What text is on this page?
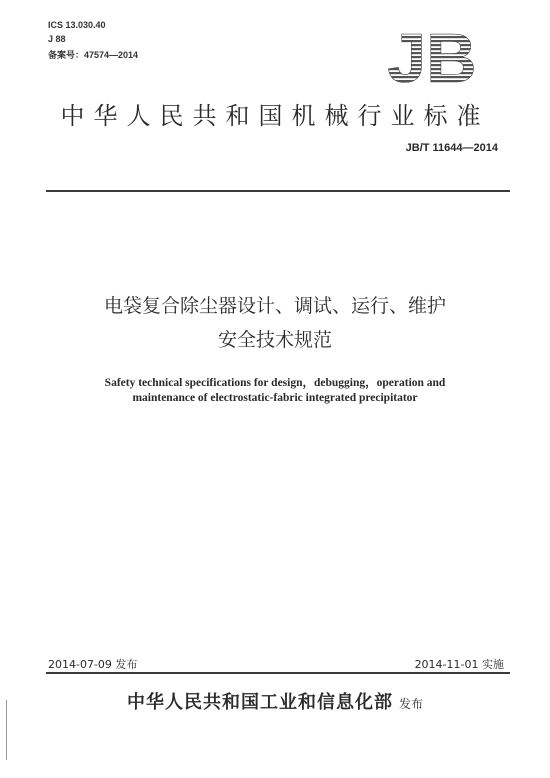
ICS 13.030.40
J 88
备案号：47574—2014	JB
中华人民共和国机械行业标准
JB/T 11644—2014
电袋复合除尘器设计、调试、运行、维护
安全技术规范
Safety technical specifications for design，debugging，operation and
maintenance of electrostatic-fabric integrated precipitator
2014-07-09 发布	2014-11-01 实施
中华人民共和国工业和信息化部 发布
